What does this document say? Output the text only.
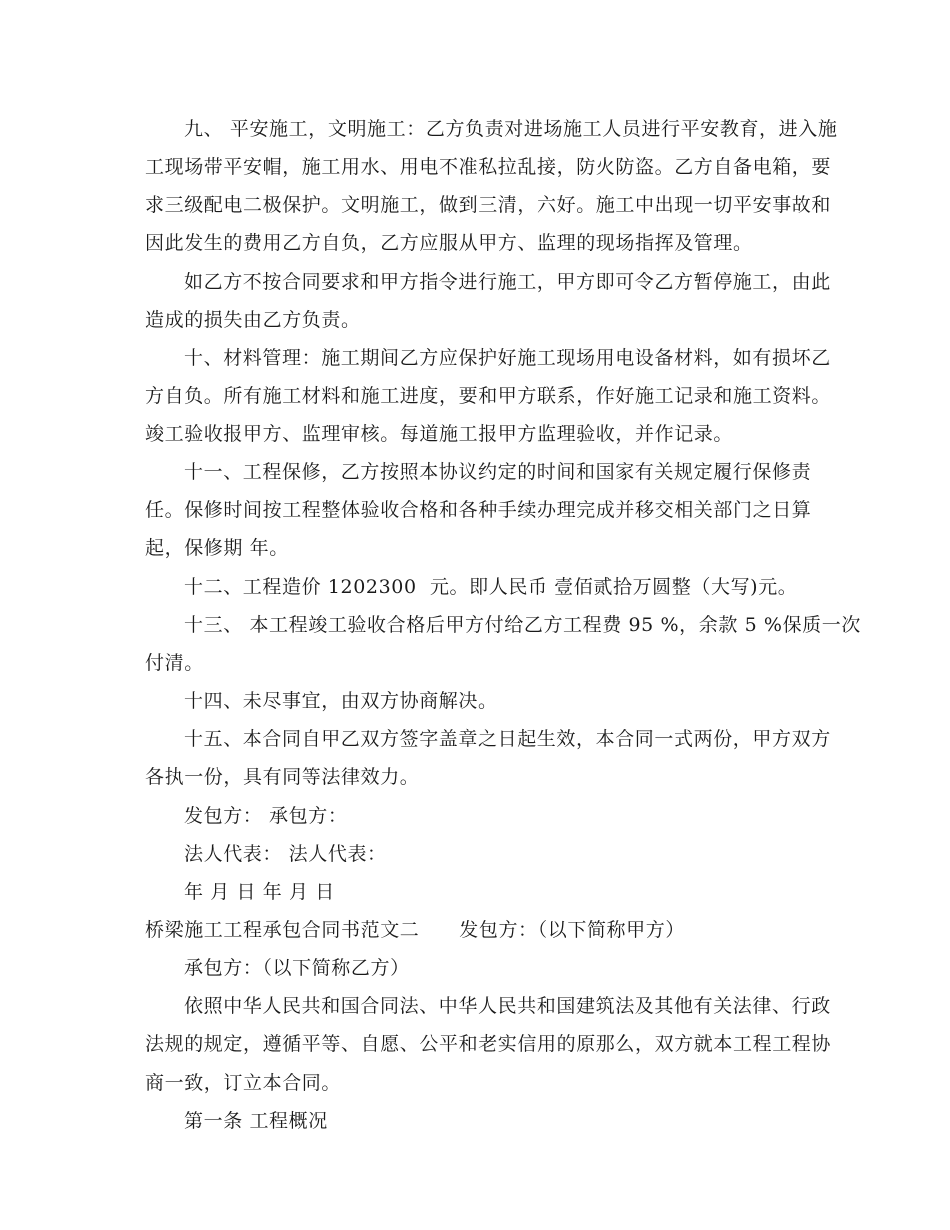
九、 平安施工，文明施工：乙方负责对进场施工人员进行平安教育，进入施
工现场带平安帽，施工用水、用电不准私拉乱接，防火防盗。乙方自备电箱，要
求三级配电二极保护。文明施工，做到三清，六好。施工中出现一切平安事故和
因此发生的费用乙方自负，乙方应服从甲方、监理的现场指挥及管理。
如乙方不按合同要求和甲方指令进行施工，甲方即可令乙方暂停施工，由此
造成的损失由乙方负责。
十、材料管理：施工期间乙方应保护好施工现场用电设备材料，如有损坏乙
方自负。所有施工材料和施工进度，要和甲方联系，作好施工记录和施工资料。
竣工验收报甲方、监理审核。每道施工报甲方监理验收，并作记录。
十一、工程保修，乙方按照本协议约定的时间和国家有关规定履行保修责
任。保修时间按工程整体验收合格和各种手续办理完成并移交相关部门之日算
起，保修期 年。
十二、工程造价 1202300  元。即人民币 壹佰贰拾万圆整（大写)元。
十三、 本工程竣工验收合格后甲方付给乙方工程费 95 %，余款 5 %保质一次
付清。
十四、未尽事宜，由双方协商解决。
十五、本合同自甲乙双方签字盖章之日起生效，本合同一式两份，甲方双方
各执一份，具有同等法律效力。
发包方： 承包方：
法人代表： 法人代表：
年 月 日 年 月 日
桥梁施工工程承包合同书范文二      发包方：（以下简称甲方）
承包方：（以下简称乙方）
依照中华人民共和国合同法、中华人民共和国建筑法及其他有关法律、行政
法规的规定，遵循平等、自愿、公平和老实信用的原那么，双方就本工程工程协
商一致，订立本合同。
第一条 工程概况
